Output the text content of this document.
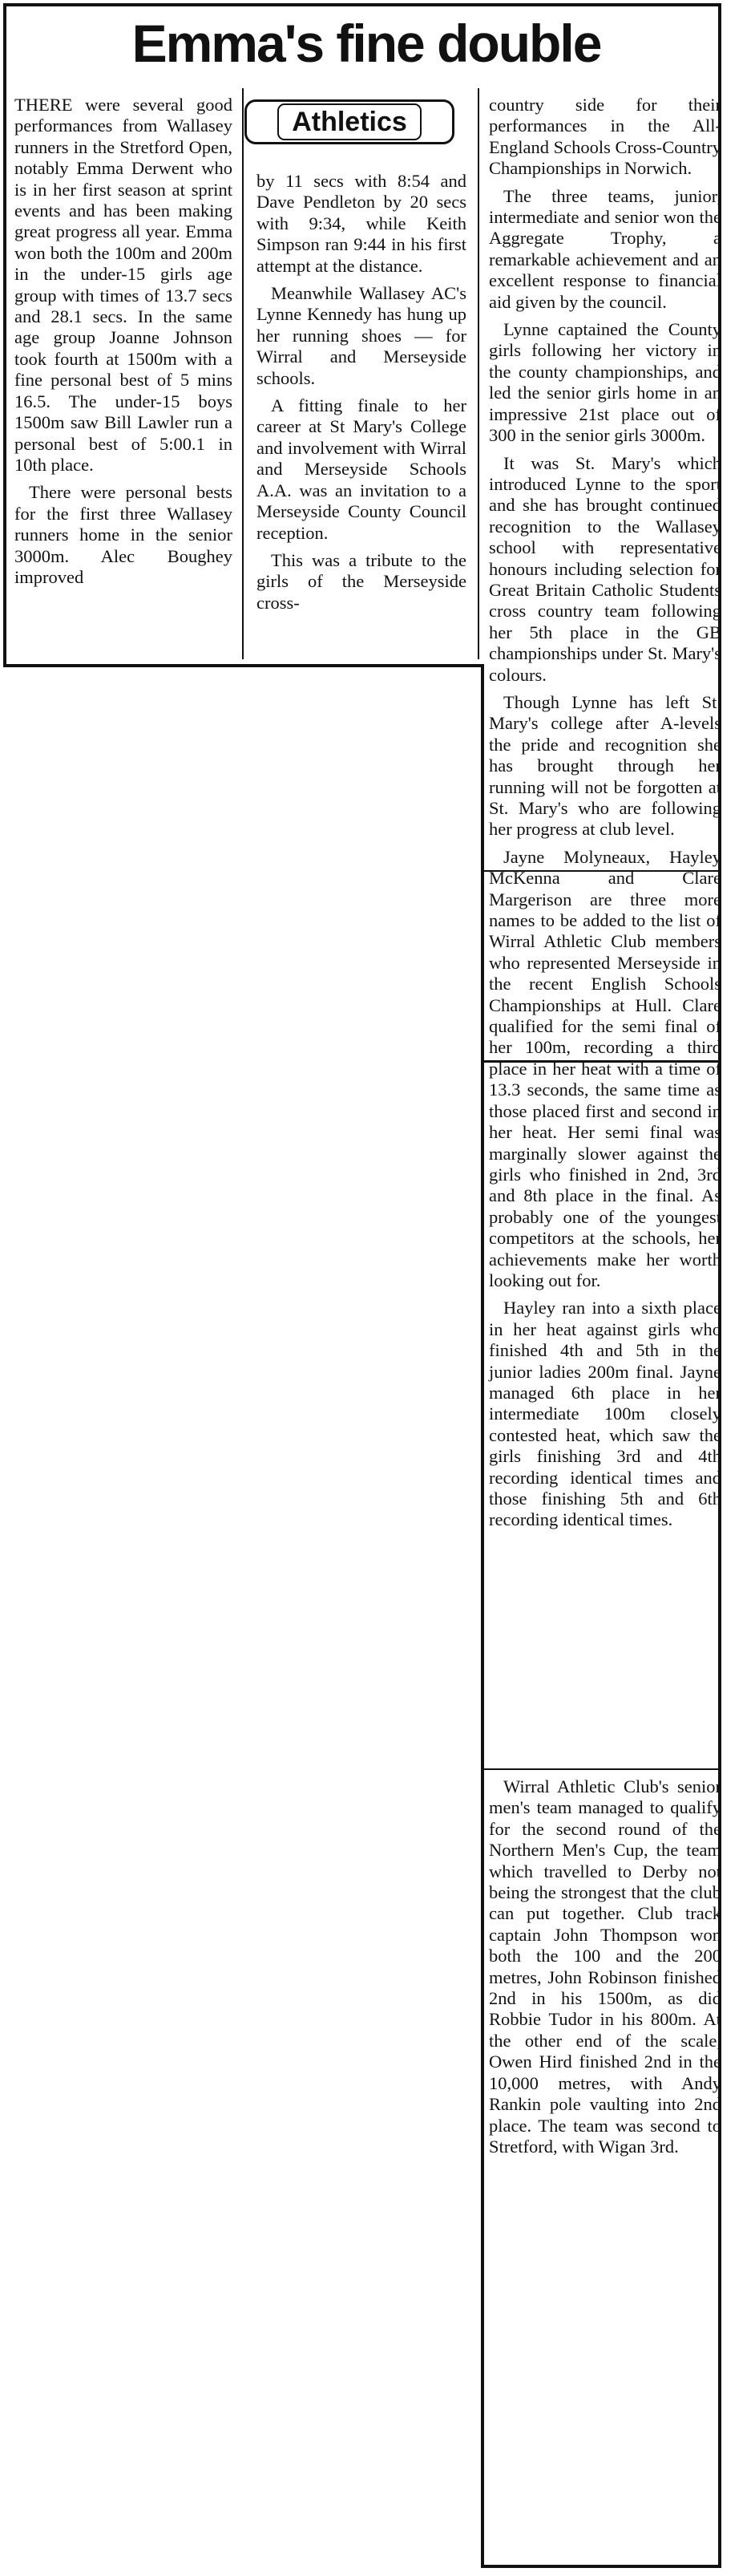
Emma's fine double
Athletics

THERE were several good performances from Wallasey runners in the Stretford Open, notably Emma Derwent who is in her first season at sprint events and has been making great progress all year. Emma won both the 100m and 200m in the under-15 girls age group with times of 13.7 secs and 28.1 secs. In the same age group Joanne Johnson took fourth at 1500m with a fine personal best of 5 mins 16.5. The under-15 boys 1500m saw Bill Lawler run a personal best of 5:00.1 in 10th place.

There were personal bests for the first three Wallasey runners home in the senior 3000m. Alec Boughey improved

by 11 secs with 8:54 and Dave Pendleton by 20 secs with 9:34, while Keith Simpson ran 9:44 in his first attempt at the distance.

Meanwhile Wallasey AC's Lynne Kennedy has hung up her running shoes — for Wirral and Merseyside schools.

A fitting finale to her career at St Mary's College and involvement with Wirral and Merseyside Schools A.A. was an invitation to a Merseyside County Council reception.

This was a tribute to the girls of the Merseyside cross-

country side for their performances in the All-England Schools Cross-Country Championships in Norwich.

The three teams, junior, intermediate and senior won the Aggregate Trophy, a remarkable achievement and an excellent response to financial aid given by the council.

Lynne captained the County girls following her victory in the county championships, and led the senior girls home in an impressive 21st place out of 300 in the senior girls 3000m.

It was St. Mary's which introduced Lynne to the sport and she has brought continued recognition to the Wallasey school with representative honours including selection for Great Britain Catholic Students cross country team following her 5th place in the GB championships under St. Mary's colours.

Though Lynne has left St. Mary's college after A-levels the pride and recognition she has brought through her running will not be forgotten at St. Mary's who are following her progress at club level.

Jayne Molyneaux, Hayley McKenna and Clare Margerison are three more names to be added to the list of Wirral Athletic Club members who represented Merseyside in the recent English Schools Championships at Hull. Clare qualified for the semi final of her 100m, recording a third place in her heat with a time of 13.3 seconds, the same time as those placed first and second in her heat. Her semi final was marginally slower against the girls who finished in 2nd, 3rd and 8th place in the final. As probably one of the youngest competitors at the schools, her achievements make her worth looking out for.

Hayley ran into a sixth place in her heat against girls who finished 4th and 5th in the junior ladies 200m final. Jayne managed 6th place in her intermediate 100m closely contested heat, which saw the girls finishing 3rd and 4th recording identical times and those finishing 5th and 6th recording identical times.

Wirral Athletic Club's senior men's team managed to qualify for the second round of the Northern Men's Cup, the team which travelled to Derby not being the strongest that the club can put together. Club track captain John Thompson won both the 100 and the 200 metres, John Robinson finished 2nd in his 1500m, as did Robbie Tudor in his 800m. At the other end of the scale, Owen Hird finished 2nd in the 10,000 metres, with Andy Rankin pole vaulting into 2nd place. The team was second to Stretford, with Wigan 3rd.
